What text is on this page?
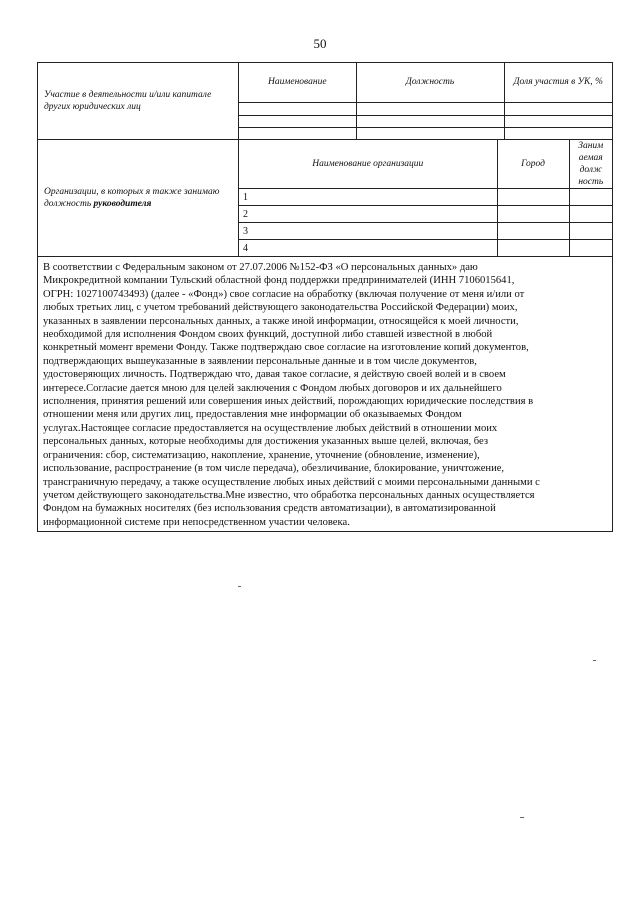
50
Участие в деятельности и/или капитале других юридических лиц
Наименование	Должность	Доля участия в УК, %

Организации, в которых я также занимаю должность руководителя
Наименование организации	Город	Заним аемая долж ность
1		
2		
3		
4		

В соответствии с Федеральным законом от 27.07.2006 №152-ФЗ «О персональных данных» даю

Микрокредитной компании Тульский областной фонд поддержки предпринимателей (ИНН 7106015641,

ОГРН: 1027100743493) (далее - «Фонд») свое согласие на обработку (включая получение от меня и/или от

любых третьих лиц, с учетом требований действующего законодательства Российской Федерации) моих,

указанных в заявлении персональных данных, а также иной информации, относящейся к моей личности,

необходимой для исполнения Фондом своих функций, доступной либо ставшей известной в любой

конкретный момент времени Фонду. Также подтверждаю свое согласие на изготовление копий документов,

подтверждающих вышеуказанные в заявлении персональные данные и в том числе документов,

удостоверяющих личность. Подтверждаю что, давая такое согласие, я действую своей волей и в своем

интересе.Согласие дается мною для целей заключения с Фондом любых договоров и их дальнейшего

исполнения, принятия решений или совершения иных действий, порождающих юридические последствия в

отношении меня или других лиц, предоставления мне информации об оказываемых Фондом

услугах.Настоящее согласие предоставляется на осуществление любых действий в отношении моих

персональных данных, которые необходимы для достижения указанных выше целей, включая, без

ограничения: сбор, систематизацию, накопление, хранение, уточнение (обновление, изменение),

использование, распространение (в том числе передача), обезличивание, блокирование, уничтожение,

трансграничную передачу, а также осуществление любых иных действий с моими персональными данными с

учетом действующего законодательства.Мне известно, что обработка персональных данных осуществляется

Фондом на бумажных носителях (без использования средств автоматизации), в автоматизированной

информационной системе при непосредственном участии человека.
